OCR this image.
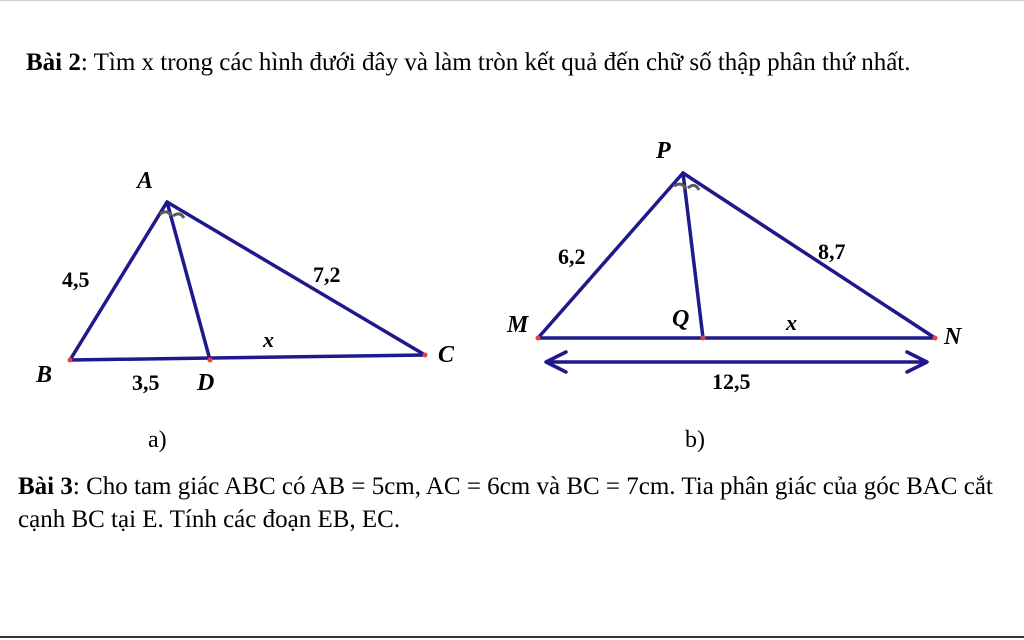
Bài 2: Tìm x trong các hình đưới đây và làm tròn kết quả đến chữ số thập phân thứ nhất.

A
B
C
D
4,5	7,2
x
3,5
a)
P
M	N
Q
6,2	8,7
x
12,5
b)

Bài 3: Cho tam giác ABC có AB = 5cm, AC = 6cm và BC = 7cm. Tia phân giác của góc BAC cắt cạnh BC tại E. Tính các đoạn EB, EC.
